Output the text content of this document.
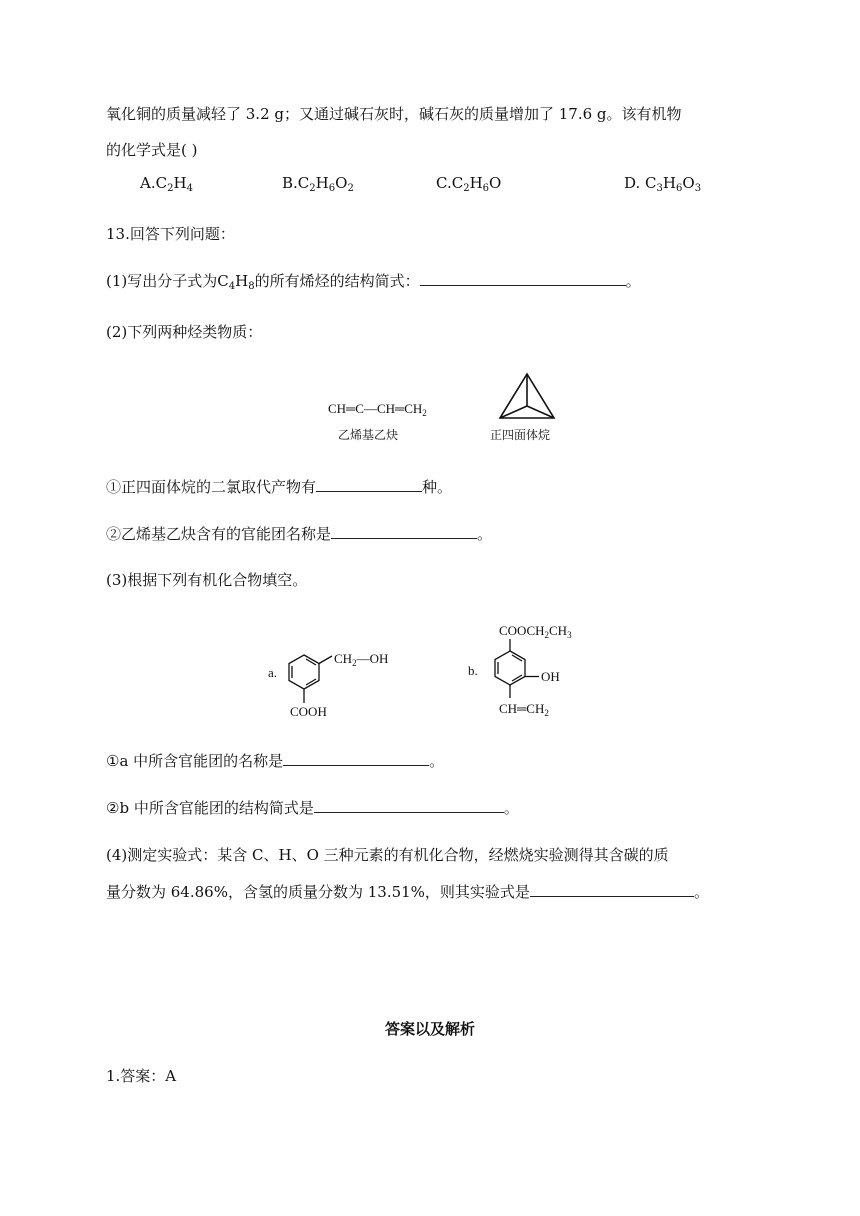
氧化铜的质量减轻了 3.2 g；又通过碱石灰时，碱石灰的质量增加了 17.6 g。该有机物
的化学式是( )
$A.C_2H_4$	$B.C_2H_6O_2$	$C.C_2H_6O$	D. $C_3H_6O_3$
13.回答下列问题：
(1)写出分子式为$C_4H_8$的所有烯烃的结构简式：	。
(2)下列两种烃类物质：
$CH═C—CH═CH_2$
乙烯基乙炔	正四面体烷
①正四面体烷的二氯取代产物有	种。
②乙烯基乙炔含有的官能团名称是	。
(3)根据下列有机化合物填空。
a.
$CH_2—OH$
COOH
b.
$COOCH_2CH_3$
OH
$CH═CH_2$
①a 中所含官能团的名称是	。
②b 中所含官能团的结构简式是	。
(4)测定实验式：某含 C、H、O 三种元素的有机化合物，经燃烧实验测得其含碳的质
量分数为 64.86%，含氢的质量分数为 13.51%，则其实验式是	。
答案以及解析
1.答案：A
